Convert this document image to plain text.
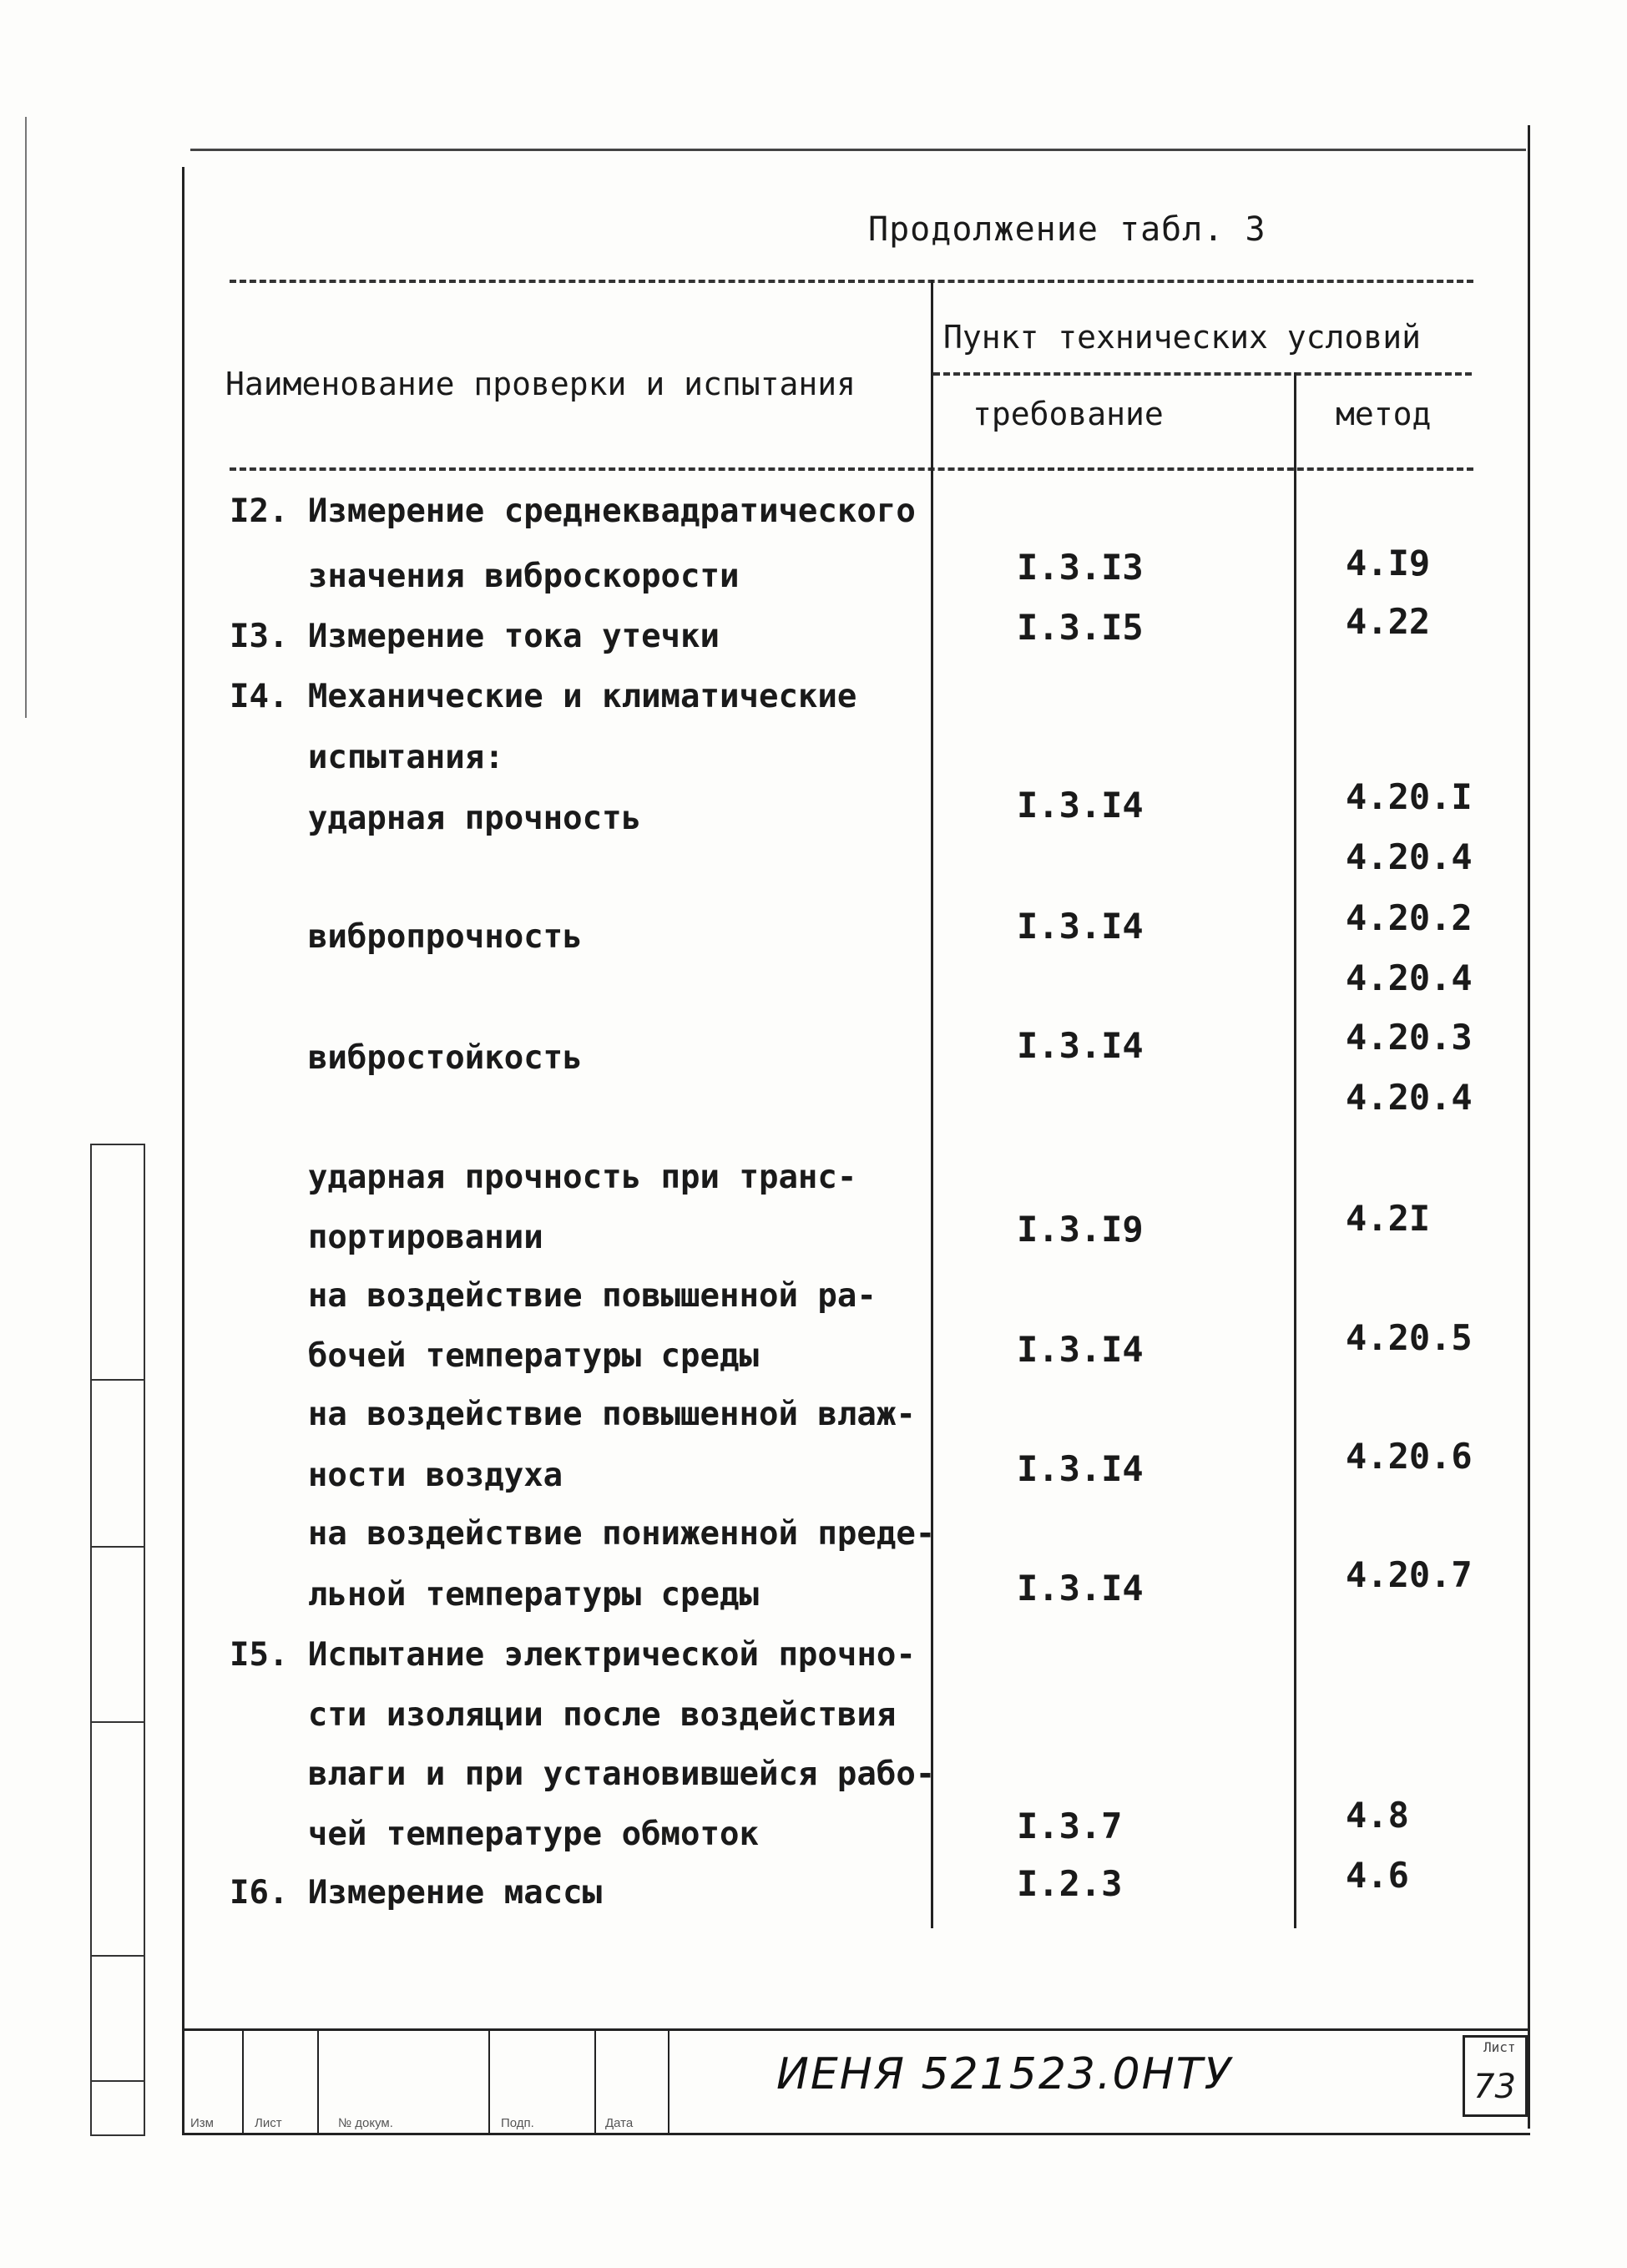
Продолжение табл. 3
Наименование проверки и испытания
Пункт технических условий
требование	метод
I2. Измерение среднеквадратического
значения виброскорости	I.3.I3	4.I9
I3. Измерение тока утечки	I.3.I5	4.22
I4. Механические и климатические
испытания:
ударная прочность	I.3.I4	4.20.I
4.20.4
вибропрочность	I.3.I4	4.20.2
4.20.4
вибростойкость	I.3.I4	4.20.3
4.20.4
ударная прочность при транс-
портировании	I.3.I9	4.2I
на воздействие повышенной ра-
бочей температуры среды	I.3.I4	4.20.5
на воздействие повышенной влаж-
ности воздуха	I.3.I4	4.20.6
на воздействие пониженной преде-
льной температуры среды	I.3.I4	4.20.7
I5. Испытание электрической прочно-
сти изоляции после воздействия
влаги и при установившейся рабо-
чей температуре обмоток	I.3.7	4.8
I6. Измерение массы	I.2.3	4.6
Изм	Лист	№ докум.	Подп.	Дата
ИЕНЯ 521523.0НТУ
Лист
73
